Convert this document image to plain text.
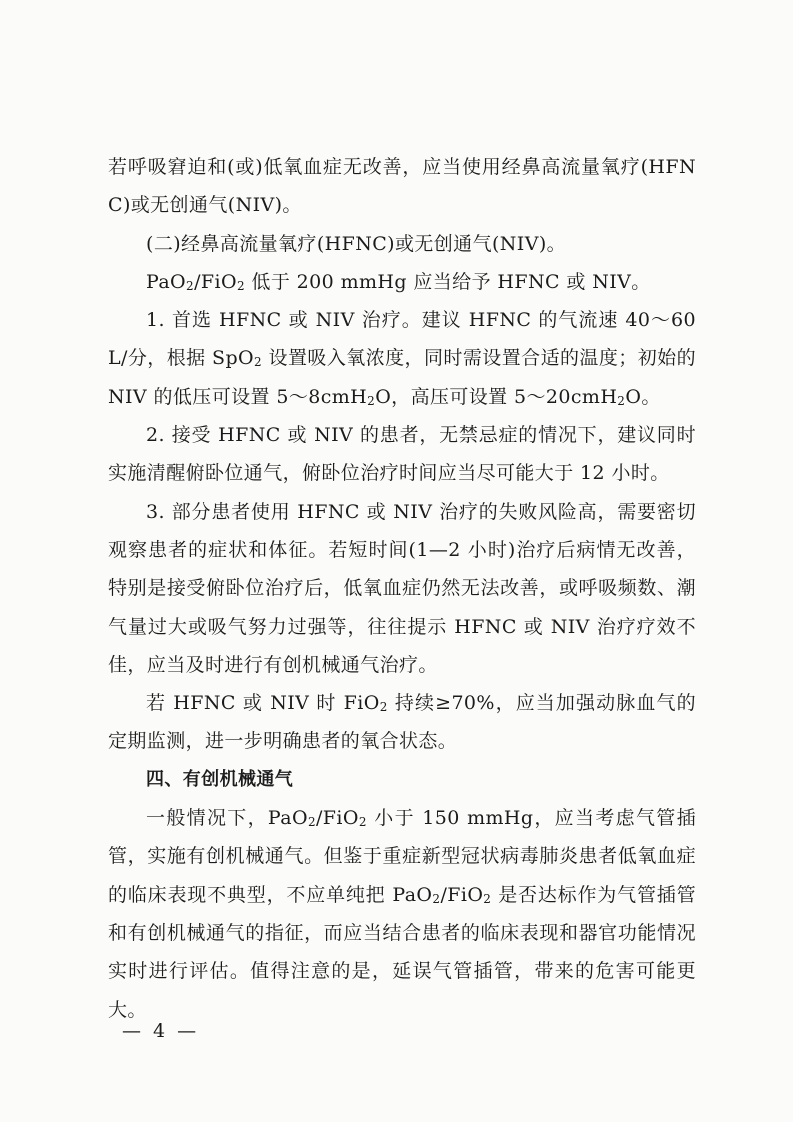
若呼吸窘迫和(或)低氧血症无改善，应当使用经鼻高流量氧疗(HFNC)或无创通气(NIV)。

(二)经鼻高流量氧疗(HFNC)或无创通气(NIV)。

PaO$_2$/FiO$_2$ 低于 200 mmHg 应当给予 HFNC 或 NIV。

1. 首选 HFNC 或 NIV 治疗。建议 HFNC 的气流速 40～60L/分，根据 SpO$_2$ 设置吸入氧浓度，同时需设置合适的温度；初始的 NIV 的低压可设置 5～8cmH$_2$O，高压可设置 5～20cmH$_2$O。

2. 接受 HFNC 或 NIV 的患者，无禁忌症的情况下，建议同时实施清醒俯卧位通气，俯卧位治疗时间应当尽可能大于 12 小时。

3. 部分患者使用 HFNC 或 NIV 治疗的失败风险高，需要密切观察患者的症状和体征。若短时间(1—2 小时)治疗后病情无改善，特别是接受俯卧位治疗后，低氧血症仍然无法改善，或呼吸频数、潮气量过大或吸气努力过强等，往往提示 HFNC 或 NIV 治疗疗效不佳，应当及时进行有创机械通气治疗。

若 HFNC 或 NIV 时 FiO$_2$ 持续≥70%，应当加强动脉血气的定期监测，进一步明确患者的氧合状态。

四、有创机械通气

一般情况下，PaO$_2$/FiO$_2$ 小于 150 mmHg，应当考虑气管插管，实施有创机械通气。但鉴于重症新型冠状病毒肺炎患者低氧血症的临床表现不典型，不应单纯把 PaO$_2$/FiO$_2$ 是否达标作为气管插管和有创机械通气的指征，而应当结合患者的临床表现和器官功能情况实时进行评估。值得注意的是，延误气管插管，带来的危害可能更大。

— 4 —
